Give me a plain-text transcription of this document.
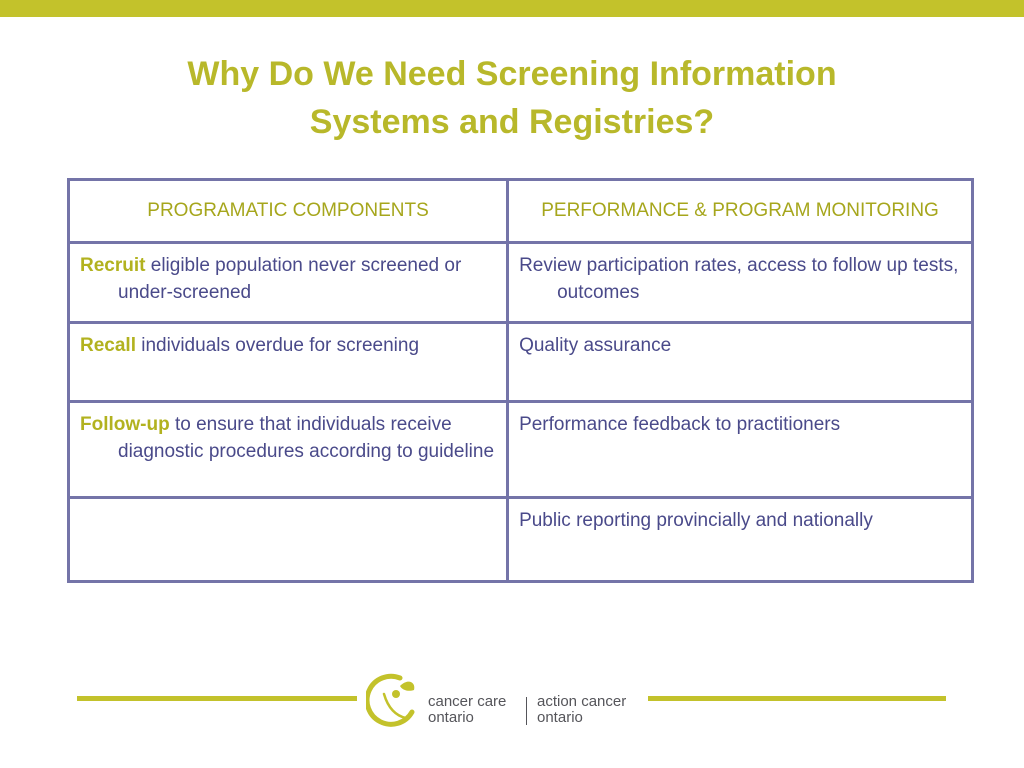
Why Do We Need Screening Information
Systems and Registries?
PROGRAMATIC COMPONENTS	PERFORMANCE & PROGRAM MONITORING

Recruit eligible population never screened or under-screened	Review participation rates, access to follow up tests, outcomes

Recall individuals overdue for screening	Quality assurance

Follow-up to ensure that individuals receive diagnostic procedures according to guideline	Performance feedback to practitioners

	Public reporting provincially and nationally
cancer care
ontario
action cancer
ontario
